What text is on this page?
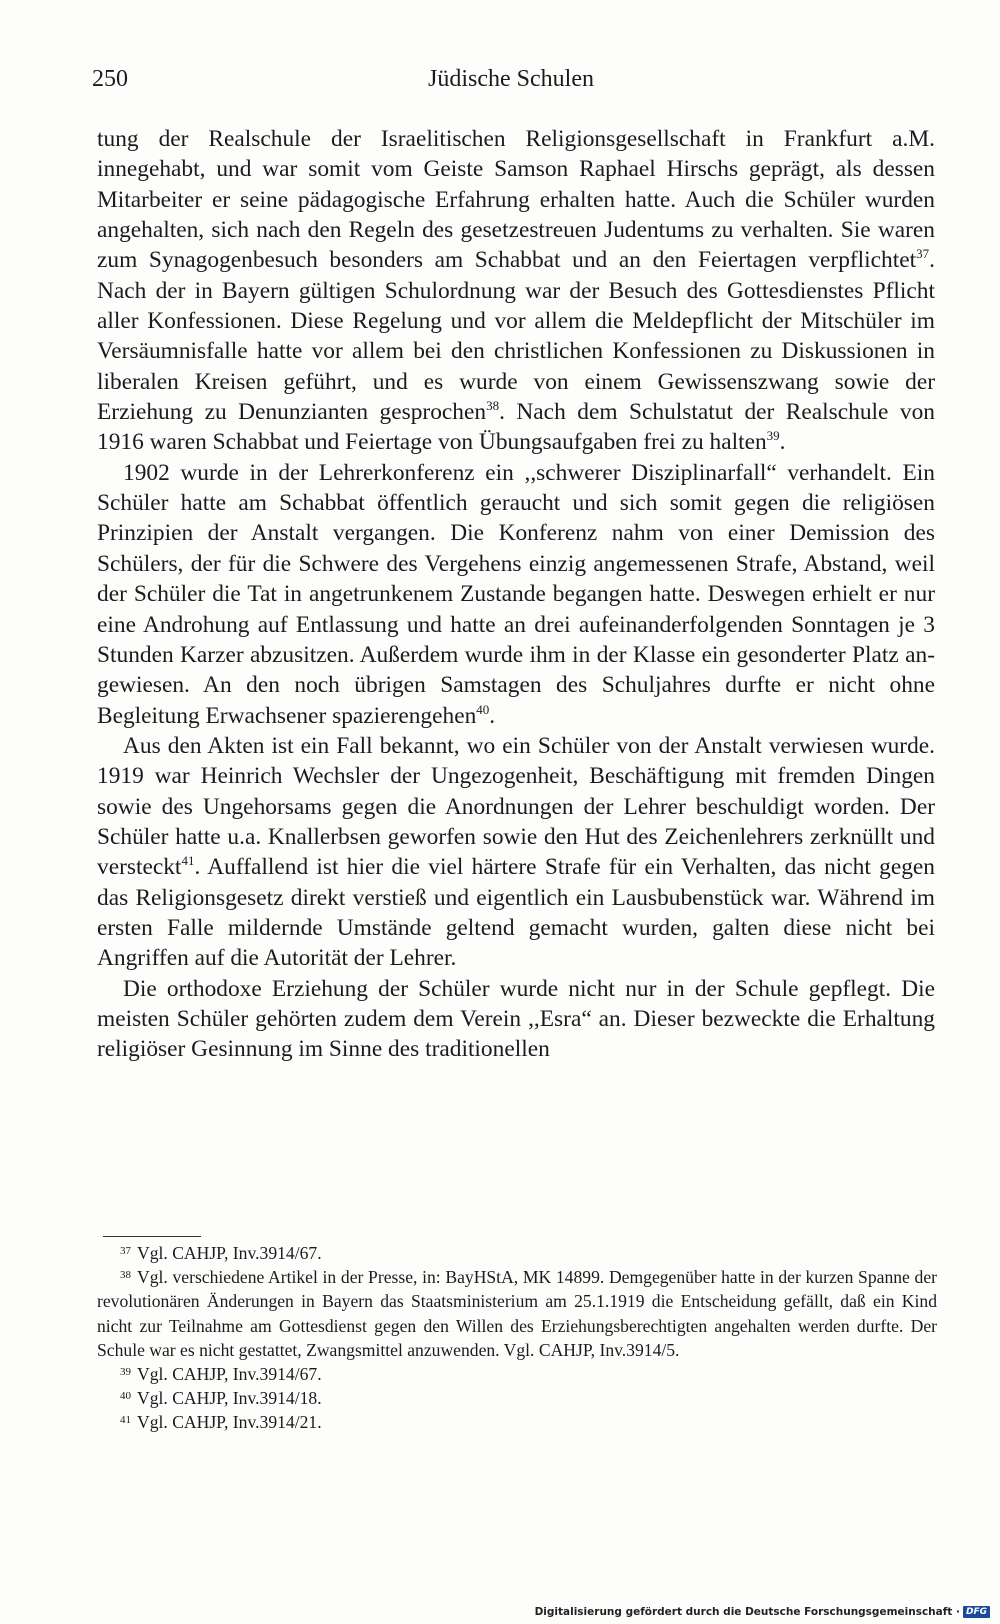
250	Jüdische Schulen

tung der Realschule der Israelitischen Religionsgesellschaft in Frankfurt a.M. innegehabt, und war somit vom Geiste Samson Raphael Hirschs geprägt, als dessen Mitarbeiter er seine pädagogische Erfahrung erhalten hatte. Auch die Schüler wurden angehalten, sich nach den Regeln des gesetzestreuen Judentums zu verhalten. Sie waren zum Synagogenbesuch besonders am Schabbat und an den Feiertagen verpflichtet$^{37}$. Nach der in Bayern gültigen Schulordnung war der Besuch des Gottesdienstes Pflicht aller Konfessionen. Diese Regelung und vor allem die Meldepflicht der Mitschüler im Versäumnisfalle hatte vor allem bei den christlichen Konfessionen zu Diskussionen in liberalen Kreisen geführt, und es wurde von einem Gewissenszwang sowie der Erziehung zu Denunzianten gesprochen$^{38}$. Nach dem Schulstatut der Realschule von 1916 waren Schabbat und Feiertage von Übungsaufgaben frei zu halten$^{39}$.

1902 wurde in der Lehrerkonferenz ein ,,schwerer Disziplinarfall“ verhandelt. Ein Schüler hatte am Schabbat öffentlich geraucht und sich somit gegen die religiösen Prinzipien der Anstalt vergangen. Die Konferenz nahm von einer Demission des Schülers, der für die Schwere des Vergehens einzig angemessenen Strafe, Abstand, weil der Schüler die Tat in angetrunkenem Zustande begangen hatte. Deswegen erhielt er nur eine Androhung auf Entlassung und hatte an drei aufeinanderfolgenden Sonntagen je 3 Stunden Karzer abzusitzen. Außerdem wurde ihm in der Klasse ein gesonderter Platz angewiesen. An den noch übrigen Samstagen des Schuljahres durfte er nicht ohne Begleitung Erwachsener spazierengehen$^{40}$.

Aus den Akten ist ein Fall bekannt, wo ein Schüler von der Anstalt verwiesen wurde. 1919 war Heinrich Wechsler der Ungezogenheit, Beschäftigung mit fremden Dingen sowie des Ungehorsams gegen die Anordnungen der Lehrer beschuldigt worden. Der Schüler hatte u.a. Knallerbsen geworfen sowie den Hut des Zeichenlehrers zerknüllt und versteckt$^{41}$. Auffallend ist hier die viel härtere Strafe für ein Verhalten, das nicht gegen das Religionsgesetz direkt verstieß und eigentlich ein Lausbubenstück war. Während im ersten Falle mildernde Umstände geltend gemacht wurden, galten diese nicht bei Angriffen auf die Autorität der Lehrer.

Die orthodoxe Erziehung der Schüler wurde nicht nur in der Schule gepflegt. Die meisten Schüler gehörten zudem dem Verein ,,Esra“ an. Dieser bezweckte die Erhaltung religiöser Gesinnung im Sinne des traditionellen

$^{37}$ Vgl. CAHJP, Inv.3914/67.

$^{38}$ Vgl. verschiedene Artikel in der Presse, in: BayHStA, MK 14899. Demgegenüber hatte in der kurzen Spanne der revolutionären Änderungen in Bayern das Staatsministerium am 25.1.1919 die Entscheidung gefällt, daß ein Kind nicht zur Teilnahme am Gottesdienst gegen den Willen des Erziehungsberechtigten angehalten werden durfte. Der Schule war es nicht gestattet, Zwangsmittel anzuwenden. Vgl. CAHJP, Inv.3914/5.

$^{39}$ Vgl. CAHJP, Inv.3914/67.

$^{40}$ Vgl. CAHJP, Inv.3914/18.

$^{41}$ Vgl. CAHJP, Inv.3914/21.

Digitalisierung gefördert durch die Deutsche Forschungsgemeinschaft · DFG
